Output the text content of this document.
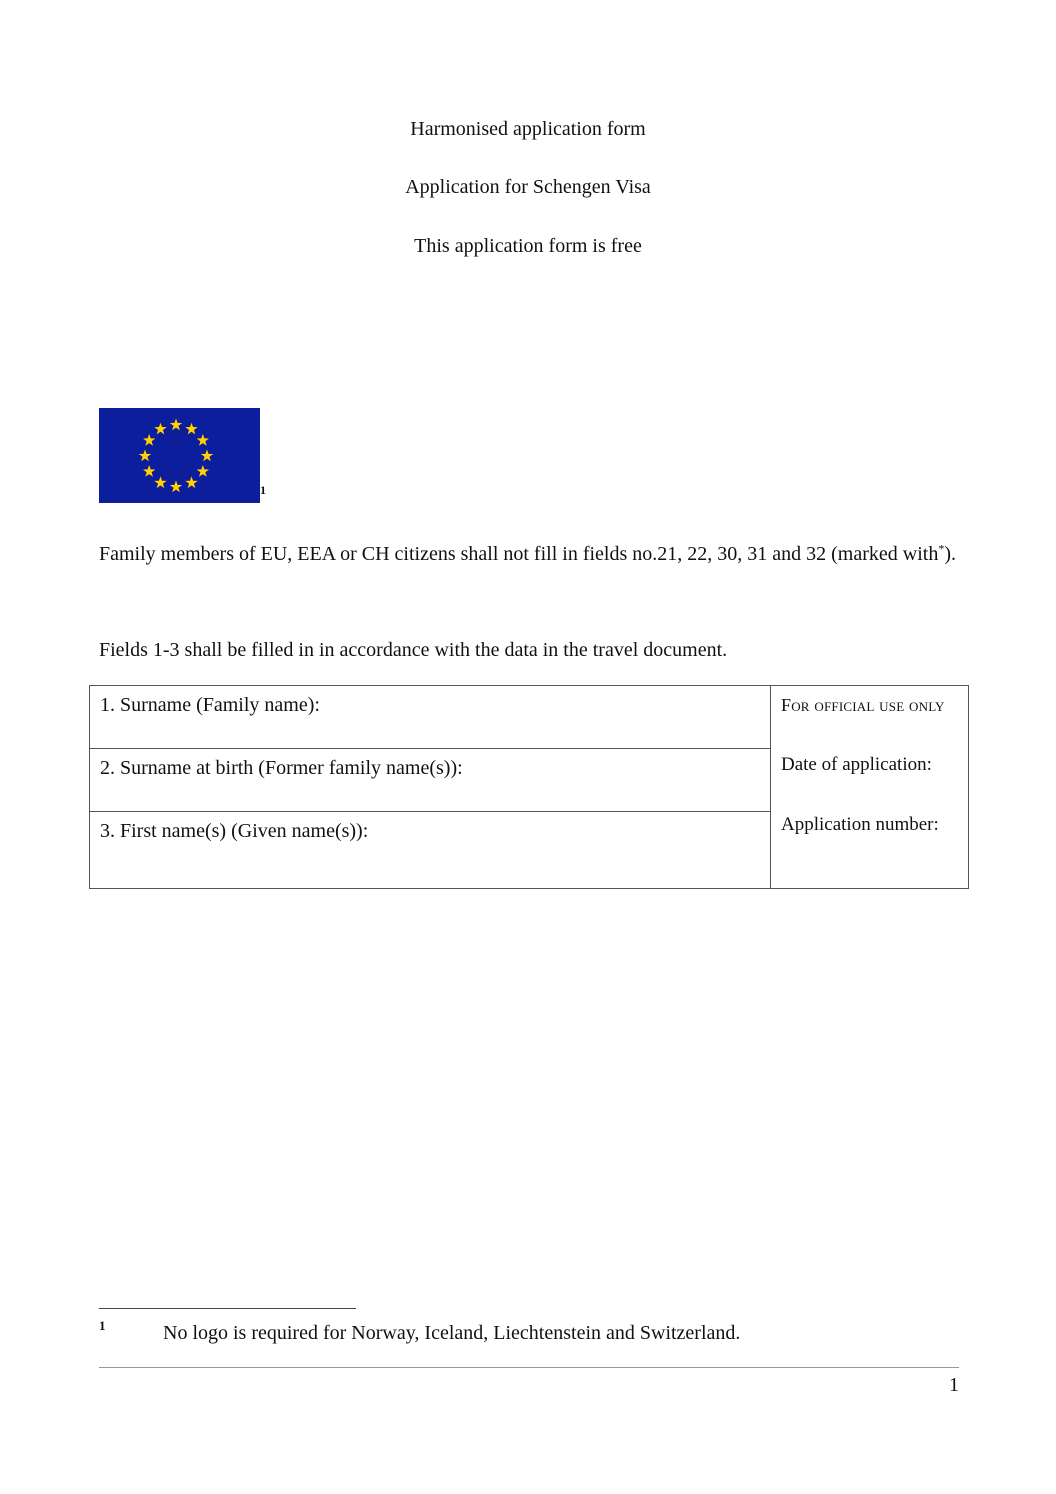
Harmonised application form
Application for Schengen Visa
This application form is free
1
Family members of EU, EEA or CH citizens shall not fill in fields no.21, 22, 30, 31 and 32 (marked with*).
Fields 1-3 shall be filled in in accordance with the data in the travel document.
1. Surname (Family name):	For official use only
Date of application:
Application number:

2. Surname at birth (Former family name(s)):

3. First name(s) (Given name(s)):
1	No logo is required for Norway, Iceland, Liechtenstein and Switzerland.
1
